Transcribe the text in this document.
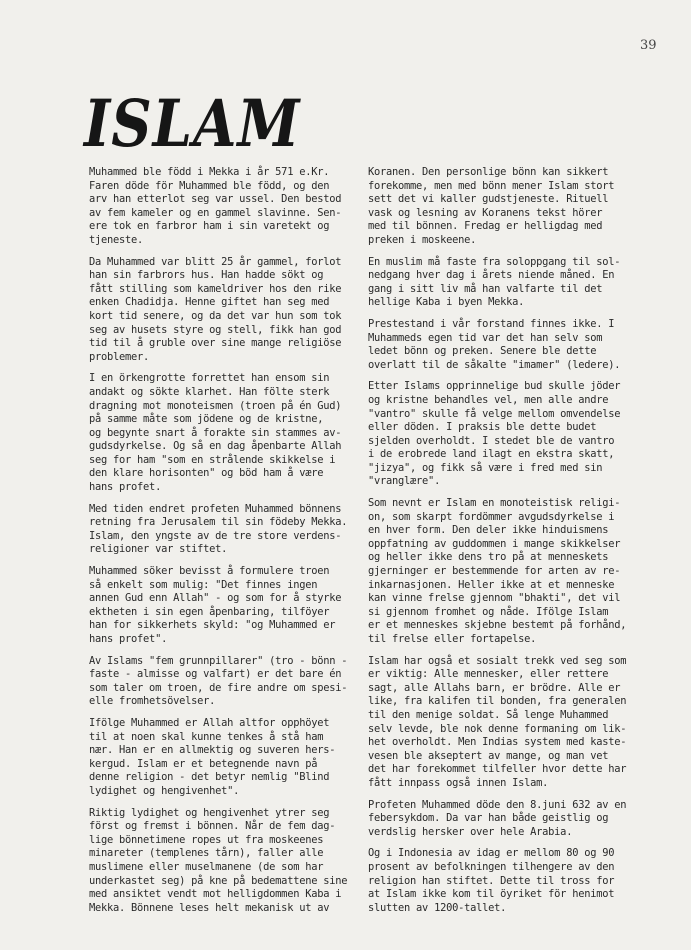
39
ISLAM

Muhammed ble född i Mekka i år 571 e.Kr.
Faren döde för Muhammed ble född, og den
arv han etterlot seg var ussel. Den bestod
av fem kameler og en gammel slavinne. Sen-
ere tok en farbror ham i sin varetekt og
tjeneste.

Da Muhammed var blitt 25 år gammel, forlot
han sin farbrors hus. Han hadde sökt og
fått stilling som kameldriver hos den rike
enken Chadidja. Henne giftet han seg med
kort tid senere, og da det var hun som tok
seg av husets styre og stell, fikk han god
tid til å gruble over sine mange religiöse
problemer.

I en örkengrotte forrettet han ensom sin
andakt og sökte klarhet. Han fölte sterk
dragning mot monoteismen (troen på én Gud)
på samme måte som jödene og de kristne,
og begynte snart å forakte sin stammes av-
gudsdyrkelse. Og så en dag åpenbarte Allah
seg for ham "som en strålende skikkelse i
den klare horisonten" og böd ham å være
hans profet.

Med tiden endret profeten Muhammed bönnens
retning fra Jerusalem til sin födeby Mekka.
Islam, den yngste av de tre store verdens-
religioner var stiftet.

Muhammed söker bevisst å formulere troen
så enkelt som mulig: "Det finnes ingen
annen Gud enn Allah" - og som for å styrke
ektheten i sin egen åpenbaring, tilföyer
han for sikkerhets skyld: "og Muhammed er
hans profet".

Av Islams "fem grunnpillarer" (tro - bönn -
faste - almisse og valfart) er det bare én
som taler om troen, de fire andre om spesi-
elle fromhetsövelser.

Ifölge Muhammed er Allah altfor opphöyet
til at noen skal kunne tenkes å stå ham
nær. Han er en allmektig og suveren hers-
kergud. Islam er et betegnende navn på
denne religion - det betyr nemlig "Blind
lydighet og hengivenhet".

Riktig lydighet og hengivenhet ytrer seg
först og fremst i bönnen. Når de fem dag-
lige bönnetimene ropes ut fra moskeenes
minareter (templenes tårn), faller alle
muslimene eller muselmanene (de som har
underkastet seg) på kne på bedemattene sine
med ansiktet vendt mot helligdommen Kaba i
Mekka. Bönnene leses helt mekanisk ut av

Koranen. Den personlige bönn kan sikkert
forekomme, men med bönn mener Islam stort
sett det vi kaller gudstjeneste. Rituell
vask og lesning av Koranens tekst hörer
med til bönnen. Fredag er helligdag med
preken i moskeene.

En muslim må faste fra soloppgang til sol-
nedgang hver dag i årets niende måned. En
gang i sitt liv må han valfarte til det
hellige Kaba i byen Mekka.

Prestestand i vår forstand finnes ikke. I
Muhammeds egen tid var det han selv som
ledet bönn og preken. Senere ble dette
overlatt til de såkalte "imamer" (ledere).

Etter Islams opprinnelige bud skulle jöder
og kristne behandles vel, men alle andre
"vantro" skulle få velge mellom omvendelse
eller döden. I praksis ble dette budet
sjelden overholdt. I stedet ble de vantro
i de erobrede land ilagt en ekstra skatt,
"jizya", og fikk så være i fred med sin
"vranglære".

Som nevnt er Islam en monoteistisk religi-
on, som skarpt fordömmer avgudsdyrkelse i
en hver form. Den deler ikke hinduismens
oppfatning av guddommen i mange skikkelser
og heller ikke dens tro på at menneskets
gjerninger er bestemmende for arten av re-
inkarnasjonen. Heller ikke at et menneske
kan vinne frelse gjennom "bhakti", det vil
si gjennom fromhet og nåde. Ifölge Islam
er et menneskes skjebne bestemt på forhånd,
til frelse eller fortapelse.

Islam har også et sosialt trekk ved seg som
er viktig: Alle mennesker, eller rettere
sagt, alle Allahs barn, er brödre. Alle er
like, fra kalifen til bonden, fra generalen
til den menige soldat. Så lenge Muhammed
selv levde, ble nok denne formaning om lik-
het overholdt. Men Indias system med kaste-
vesen ble akseptert av mange, og man vet
det har forekommet tilfeller hvor dette har
fått innpass også innen Islam.

Profeten Muhammed döde den 8.juni 632 av en
febersykdom. Da var han både geistlig og
verdslig hersker over hele Arabia.

Og i Indonesia av idag er mellom 80 og 90
prosent av befolkningen tilhengere av den
religion han stiftet. Dette til tross for
at Islam ikke kom til öyriket för henimot
slutten av 1200-tallet.
